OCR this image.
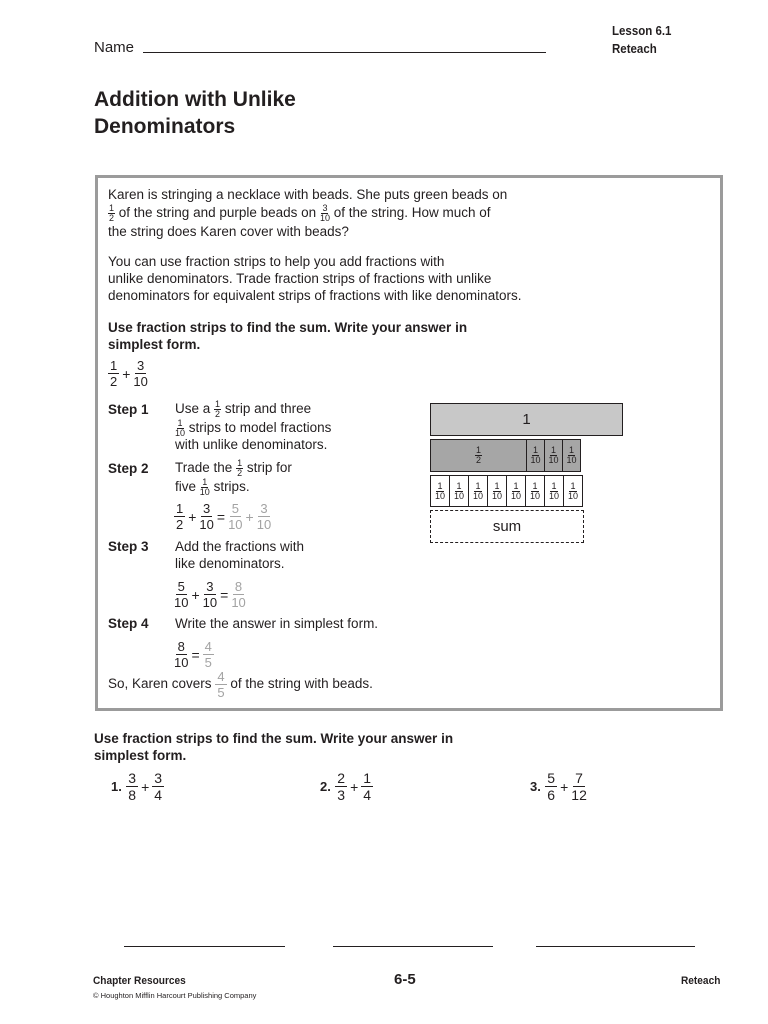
Name
Lesson 6.1
Reteach
Addition with Unlike
Denominators
Karen is stringing a necklace with beads. She puts green beads on
$\frac{1}{2}$ of the string and purple beads on $\frac{3}{10}$ of the string. How much of
the string does Karen cover with beads?
You can use fraction strips to help you add fractions with
unlike denominators. Trade fraction strips of fractions with unlike
denominators for equivalent strips of fractions with like denominators.
Use fraction strips to find the sum. Write your answer in
simplest form.
$\frac{1}{2} + \frac{3}{10}$
Step 1 Use a $\frac{1}{2}$ strip and three
$\frac{1}{10}$ strips to model fractions
with unlike denominators.
Step 2 Trade the $\frac{1}{2}$ strip for
five $\frac{1}{10}$ strips.
$\frac{1}{2} + \frac{3}{10} = \frac{5}{10} + \frac{3}{10}$
Step 3 Add the fractions with
like denominators.
$\frac{5}{10} + \frac{3}{10} = \frac{8}{10}$
Step 4 Write the answer in simplest form.
$\frac{8}{10} = \frac{4}{5}$
So, Karen covers $\frac{4}{5}$ of the string with beads.
1
$\frac{1}{2}$	$\frac{1}{10} \frac{1}{10} \frac{1}{10}$
$\frac{1}{10} \frac{1}{10} \frac{1}{10} \frac{1}{10} \frac{1}{10} \frac{1}{10} \frac{1}{10} \frac{1}{10}$
sum
Use fraction strips to find the sum. Write your answer in
simplest form.
1. $\frac{3}{8} + \frac{3}{4}$	2. $\frac{2}{3} + \frac{1}{4}$	3. $\frac{5}{6} + \frac{7}{12}$
Chapter Resources
© Houghton Mifflin Harcourt Publishing Company
6-5	Reteach
